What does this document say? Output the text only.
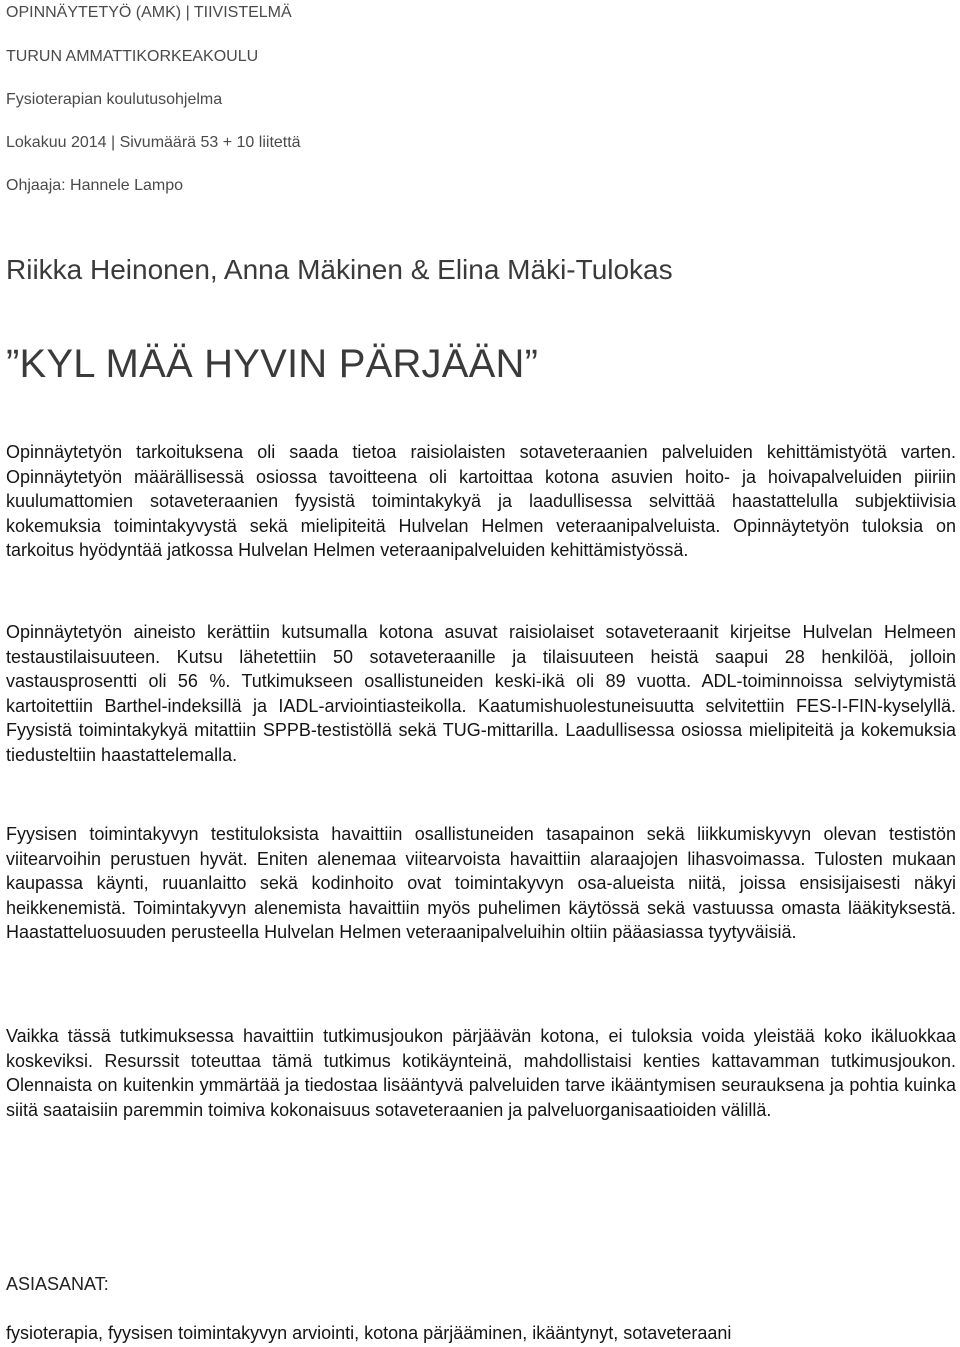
OPINNÄYTETYÖ (AMK) | TIIVISTELMÄ
TURUN AMMATTIKORKEAKOULU
Fysioterapian koulutusohjelma
Lokakuu 2014 | Sivumäärä 53 + 10 liitettä
Ohjaaja: Hannele Lampo
Riikka Heinonen, Anna Mäkinen & Elina Mäki-Tulokas
”KYL MÄÄ HYVIN PÄRJÄÄN”

Opinnäytetyön tarkoituksena oli saada tietoa raisiolaisten sotaveteraanien palveluiden kehittämistyötä varten. Opinnäytetyön määrällisessä osiossa tavoitteena oli kartoittaa kotona asuvien hoito- ja hoivapalveluiden piiriin kuulumattomien sotaveteraanien fyysistä toimintakykyä ja laadullisessa selvittää haastattelulla subjektiivisia kokemuksia toimintakyvystä sekä mielipiteitä Hulvelan Helmen veteraanipalveluista. Opinnäytetyön tuloksia on tarkoitus hyödyntää jatkossa Hulvelan Helmen veteraanipalveluiden kehittämistyössä.

Opinnäytetyön aineisto kerättiin kutsumalla kotona asuvat raisiolaiset sotaveteraanit kirjeitse Hulvelan Helmeen testaustilaisuuteen. Kutsu lähetettiin 50 sotaveteraanille ja tilaisuuteen heistä saapui 28 henkilöä, jolloin vastausprosentti oli 56 %. Tutkimukseen osallistuneiden keski-ikä oli 89 vuotta. ADL-toiminnoissa selviytymistä kartoitettiin Barthel-indeksillä ja IADL-arviointiasteikolla. Kaatumishuolestuneisuutta selvitettiin FES-I-FIN-kyselyllä. Fyysistä toimintakykyä mitattiin SPPB-testistöllä sekä TUG-mittarilla. Laadullisessa osiossa mielipiteitä ja kokemuksia tiedusteltiin haastattelemalla.

Fyysisen toimintakyvyn testituloksista havaittiin osallistuneiden tasapainon sekä liikkumiskyvyn olevan testistön viitearvoihin perustuen hyvät. Eniten alenemaa viitearvoista havaittiin alaraajojen lihasvoimassa. Tulosten mukaan kaupassa käynti, ruuanlaitto sekä kodinhoito ovat toimintakyvyn osa-alueista niitä, joissa ensisijaisesti näkyi heikkenemistä. Toimintakyvyn alenemista havaittiin myös puhelimen käytössä sekä vastuussa omasta lääkityksestä. Haastatteluosuuden perusteella Hulvelan Helmen veteraanipalveluihin oltiin pääasiassa tyytyväisiä.

Vaikka tässä tutkimuksessa havaittiin tutkimusjoukon pärjäävän kotona, ei tuloksia voida yleistää koko ikäluokkaa koskeviksi. Resurssit toteuttaa tämä tutkimus kotikäynteinä, mahdollistaisi kenties kattavamman tutkimusjoukon. Olennaista on kuitenkin ymmärtää ja tiedostaa lisääntyvä palveluiden tarve ikääntymisen seurauksena ja pohtia kuinka siitä saataisiin paremmin toimiva kokonaisuus sotaveteraanien ja palveluorganisaatioiden välillä.

ASIASANAT:
fysioterapia, fyysisen toimintakyvyn arviointi, kotona pärjääminen, ikääntynyt, sotaveteraani
